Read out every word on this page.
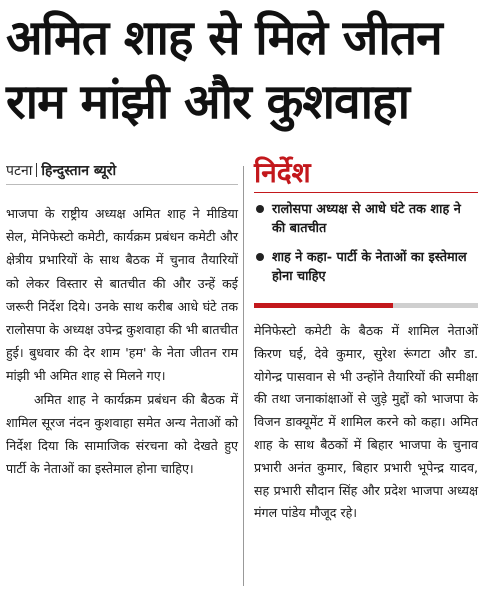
अमित शाह से मिले जीतन
राम मांझी और कुशवाहा
पटना हिन्दुस्तान ब्यूरो

भाजपा के राष्ट्रीय अध्यक्ष अमित शाह ने मीडिया सेल, मेनिफेस्टो कमेटी, कार्यक्रम प्रबंधन कमेटी और क्षेत्रीय प्रभारियों के साथ बैठक में चुनाव तैयारियों को लेकर विस्तार से बातचीत की और उन्हें कई जरूरी निर्देश दिये। उनके साथ करीब आधे घंटे तक रालोसपा के अध्यक्ष उपेन्द्र कुशवाहा की भी बातचीत हुई। बुधवार की देर शाम 'हम' के नेता जीतन राम मांझी भी अमित शाह से मिलने गए।

अमित शाह ने कार्यक्रम प्रबंधन की बैठक में शामिल सूरज नंदन कुशवाहा समेत अन्य नेताओं को निर्देश दिया कि सामाजिक संरचना को देखते हुए पार्टी के नेताओं का इस्तेमाल होना चाहिए।

निर्देश
रालोसपा अध्यक्ष से आधे घंटे तक शाह ने की बातचीत
शाह ने कहा- पार्टी के नेताओं का इस्तेमाल होना चाहिए

मेनिफेस्टो कमेटी के बैठक में शामिल नेताओं किरण घई, देवे कुमार, सुरेश रूंगटा और डा. योगेन्द्र पासवान से भी उन्होंने तैयारियों की समीक्षा की तथा जनाकांक्षाओं से जुड़े मुद्दों को भाजपा के विजन डाक्यूमेंट में शामिल करने को कहा। अमित शाह के साथ बैठकों में बिहार भाजपा के चुनाव प्रभारी अनंत कुमार, बिहार प्रभारी भूपेन्द्र यादव, सह प्रभारी सौदान सिंह और प्रदेश भाजपा अध्यक्ष मंगल पांडेय मौजूद रहे।
